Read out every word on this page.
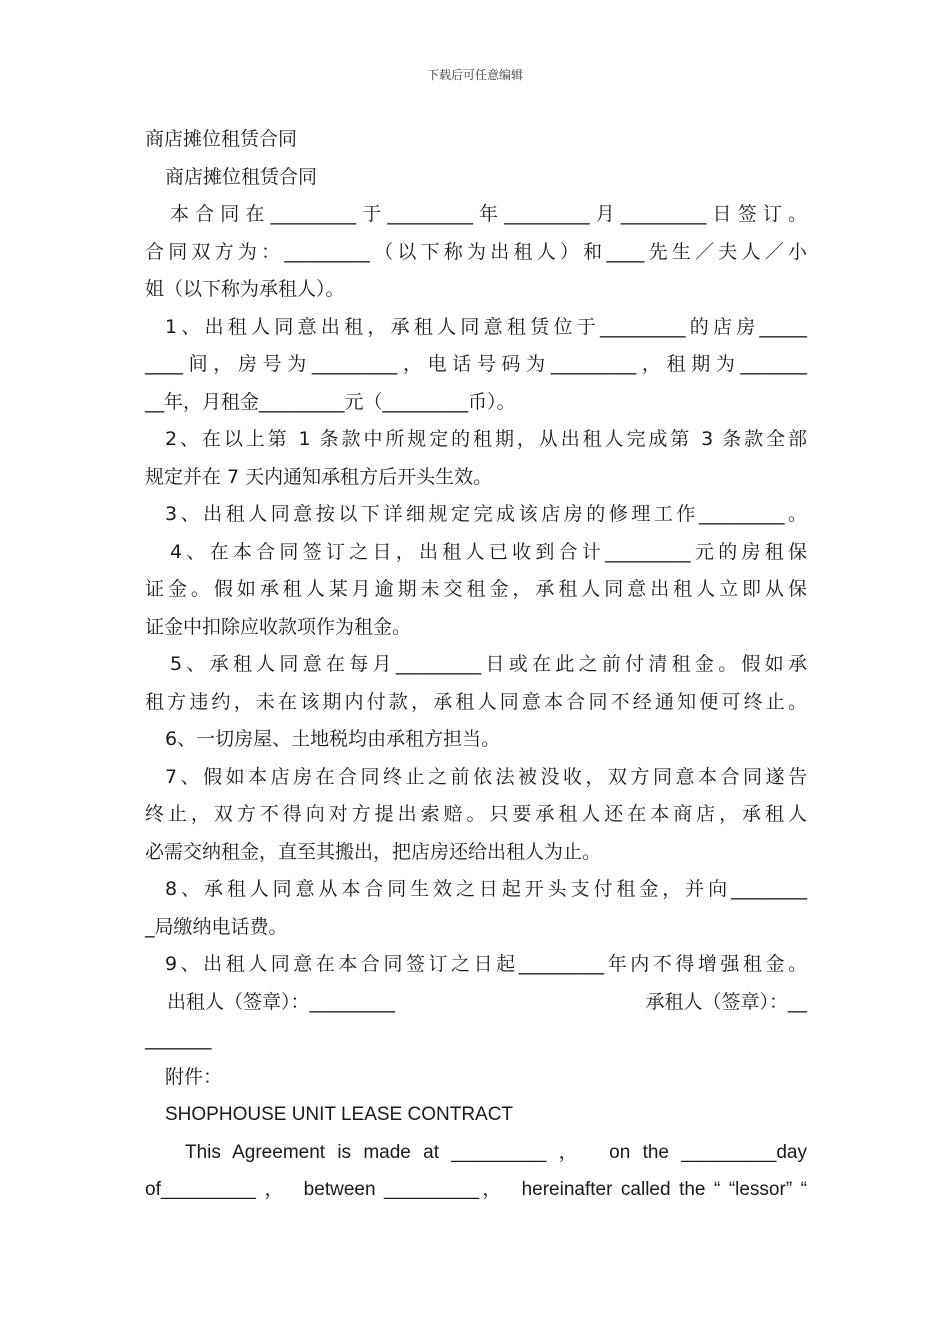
下载后可任意编辑
商店摊位租赁合同
商店摊位租赁合同
本合同在_________于_________年_________月_________日签订。
合同双方为：_________（以下称为出租人）和____先生／夫人／小
姐（以下称为承租人）。
1、出租人同意出租，承租人同意租赁位于_________的店房_____
____间，房号为_________，电话号码为_________，租期为_______
__年，月租金_________元（_________币）。
2、在以上第 1 条款中所规定的租期，从出租人完成第 3 条款全部
规定并在 7 天内通知承租方后开头生效。
3、出租人同意按以下详细规定完成该店房的修理工作_________。
4、在本合同签订之日，出租人已收到合计_________元的房租保
证金。假如承租人某月逾期未交租金，承租人同意出租人立即从保
证金中扣除应收款项作为租金。
5、承租人同意在每月_________日或在此之前付清租金。假如承
租方违约，未在该期内付款，承租人同意本合同不经通知便可终止。
6、一切房屋、土地税均由承租方担当。
7、假如本店房在合同终止之前依法被没收，双方同意本合同遂告
终止，双方不得向对方提出索赔。只要承租人还在本商店，承租人
必需交纳租金，直至其搬出，把店房还给出租人为止。
8、承租人同意从本合同生效之日起开头支付租金，并向________
_局缴纳电话费。
9、出租人同意在本合同签订之日起_________年内不得增强租金。
出租人（签章）：_________	承租人（签章）：__
_______
附件：
SHOPHOUSE UNIT LEASE CONTRACT
This Agreement is made at _________ ，  on the _________day
of_________ ，  between _________，  hereinafter called the “ “lessor” “
